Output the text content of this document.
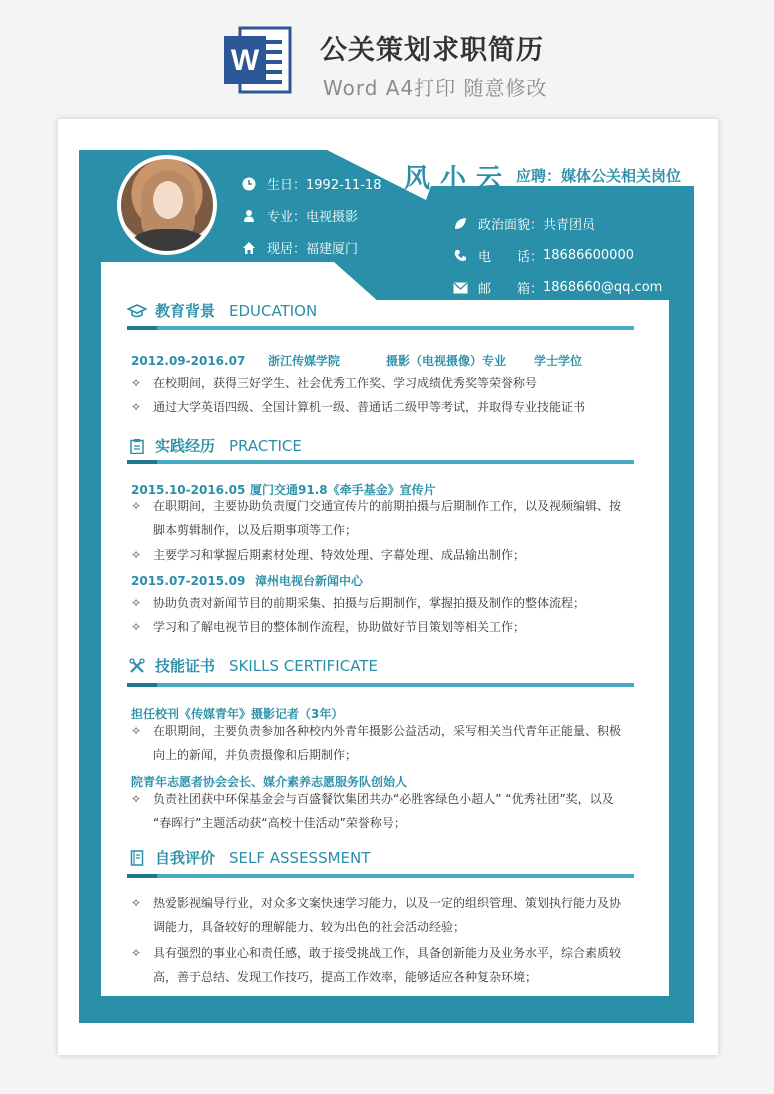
W 公关策划求职简历
Word A4打印 随意修改
生日：1992-11-18
专业：电视摄影
现居：福建厦门
风小云 应聘：媒体公关相关岗位
政治面貌：共青团员
电　　话： 18686600000
邮　　箱： 1868660@qq.com
教育背景 EDUCATION
2012.09-2016.07 浙江传媒学院	摄影（电视摄像）专业 学士学位
✧ 在校期间，获得三好学生、社会优秀工作奖、学习成绩优秀奖等荣誉称号
✧ 通过大学英语四级、全国计算机一级、普通话二级甲等考试，并取得专业技能证书
实践经历 PRACTICE
2015.10-2016.05 厦门交通91.8《牵手基金》宣传片
✧ 在职期间，主要协助负责厦门交通宣传片的前期拍摄与后期制作工作，以及视频编辑、按脚本剪辑制作，以及后期事项等工作；
✧ 主要学习和掌握后期素材处理、特效处理、字幕处理、成品输出制作；
2015.07-2015.09 漳州电视台新闻中心
✧ 协助负责对新闻节目的前期采集、拍摄与后期制作，掌握拍摄及制作的整体流程；
✧ 学习和了解电视节目的整体制作流程，协助做好节目策划等相关工作；
技能证书 SKILLS CERTIFICATE
担任校刊《传媒青年》摄影记者（3年）
✧ 在职期间，主要负责参加各种校内外青年摄影公益活动，采写相关当代青年正能量、积极向上的新闻，并负责摄像和后期制作；
院青年志愿者协会会长、媒介素养志愿服务队创始人
✧ 负责社团获中环保基金会与百盛餐饮集团共办“必胜客绿色小超人” “优秀社团”奖，以及 “春晖行”主题活动获“高校十佳活动”荣誉称号；
自我评价 SELF ASSESSMENT
✧ 热爱影视编导行业，对众多文案快速学习能力，以及一定的组织管理、策划执行能力及协调能力，具备较好的理解能力、较为出色的社会活动经验；
✧ 具有强烈的事业心和责任感，敢于接受挑战工作，具备创新能力及业务水平，综合素质较高，善于总结、发现工作技巧，提高工作效率，能够适应各种复杂环境；
